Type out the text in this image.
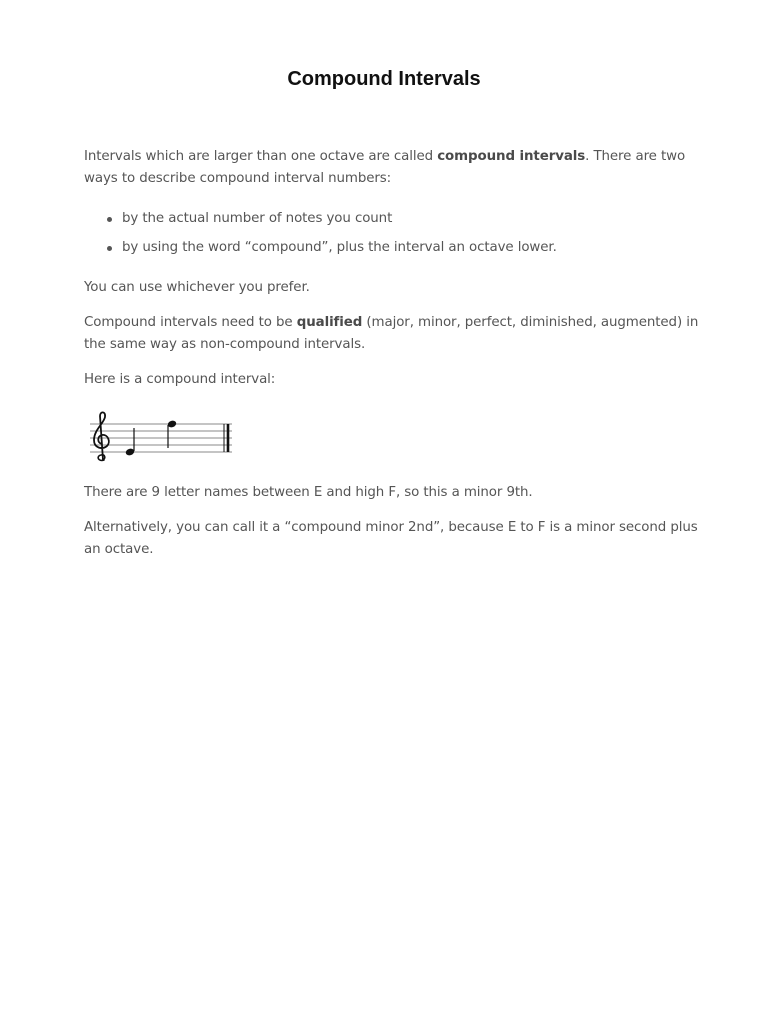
Compound Intervals

Intervals which are larger than one octave are called compound intervals. There are two ways to describe compound interval numbers:

by the actual number of notes you count
by using the word “compound”, plus the interval an octave lower.

You can use whichever you prefer.

Compound intervals need to be qualified (major, minor, perfect, diminished, augmented) in the same way as non-compound intervals.

Here is a compound interval:

There are 9 letter names between E and high F, so this a minor 9th.

Alternatively, you can call it a “compound minor 2nd”, because E to F is a minor second plus an octave.
